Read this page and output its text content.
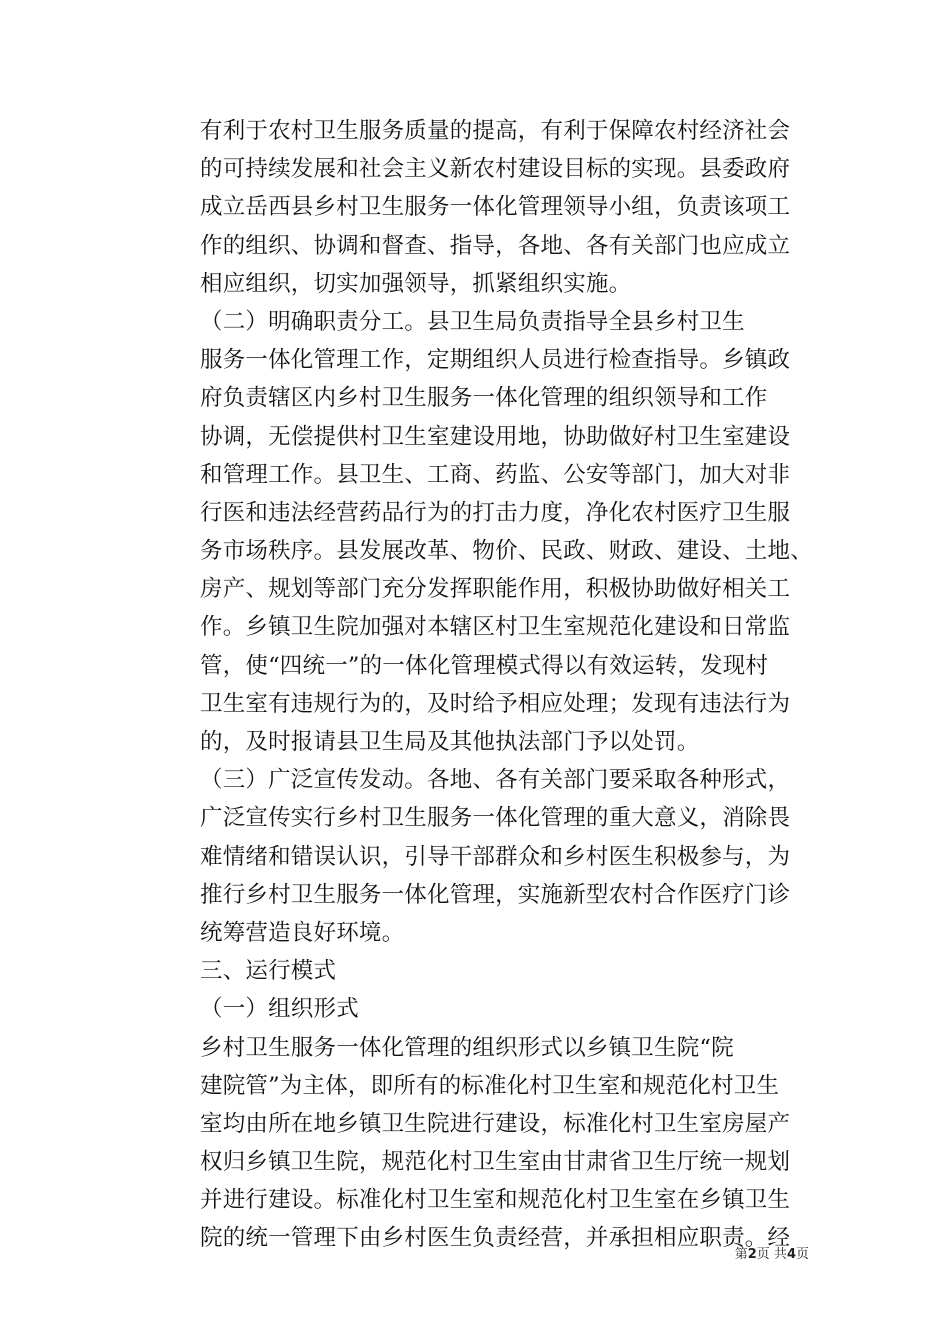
有利于农村卫生服务质量的提高，有利于保障农村经济社会
的可持续发展和社会主义新农村建设目标的实现。县委政府
成立岳西县乡村卫生服务一体化管理领导小组，负责该项工
作的组织、协调和督查、指导，各地、各有关部门也应成立
相应组织，切实加强领导，抓紧组织实施。
（二）明确职责分工。县卫生局负责指导全县乡村卫生
服务一体化管理工作，定期组织人员进行检查指导。乡镇政
府负责辖区内乡村卫生服务一体化管理的组织领导和工作
协调，无偿提供村卫生室建设用地，协助做好村卫生室建设
和管理工作。县卫生、工商、药监、公安等部门，加大对非
行医和违法经营药品行为的打击力度，净化农村医疗卫生服
务市场秩序。县发展改革、物价、民政、财政、建设、土地、
房产、规划等部门充分发挥职能作用，积极协助做好相关工
作。乡镇卫生院加强对本辖区村卫生室规范化建设和日常监
管，使“四统一”的一体化管理模式得以有效运转，发现村
卫生室有违规行为的，及时给予相应处理；发现有违法行为
的，及时报请县卫生局及其他执法部门予以处罚。
（三）广泛宣传发动。各地、各有关部门要采取各种形式，
广泛宣传实行乡村卫生服务一体化管理的重大意义，消除畏
难情绪和错误认识，引导干部群众和乡村医生积极参与，为
推行乡村卫生服务一体化管理，实施新型农村合作医疗门诊
统筹营造良好环境。
三、运行模式
（一）组织形式
乡村卫生服务一体化管理的组织形式以乡镇卫生院“院
建院管”为主体，即所有的标准化村卫生室和规范化村卫生
室均由所在地乡镇卫生院进行建设，标准化村卫生室房屋产
权归乡镇卫生院，规范化村卫生室由甘肃省卫生厅统一规划
并进行建设。标准化村卫生室和规范化村卫生室在乡镇卫生
院的统一管理下由乡村医生负责经营，并承担相应职责。经
第2页 共4页
